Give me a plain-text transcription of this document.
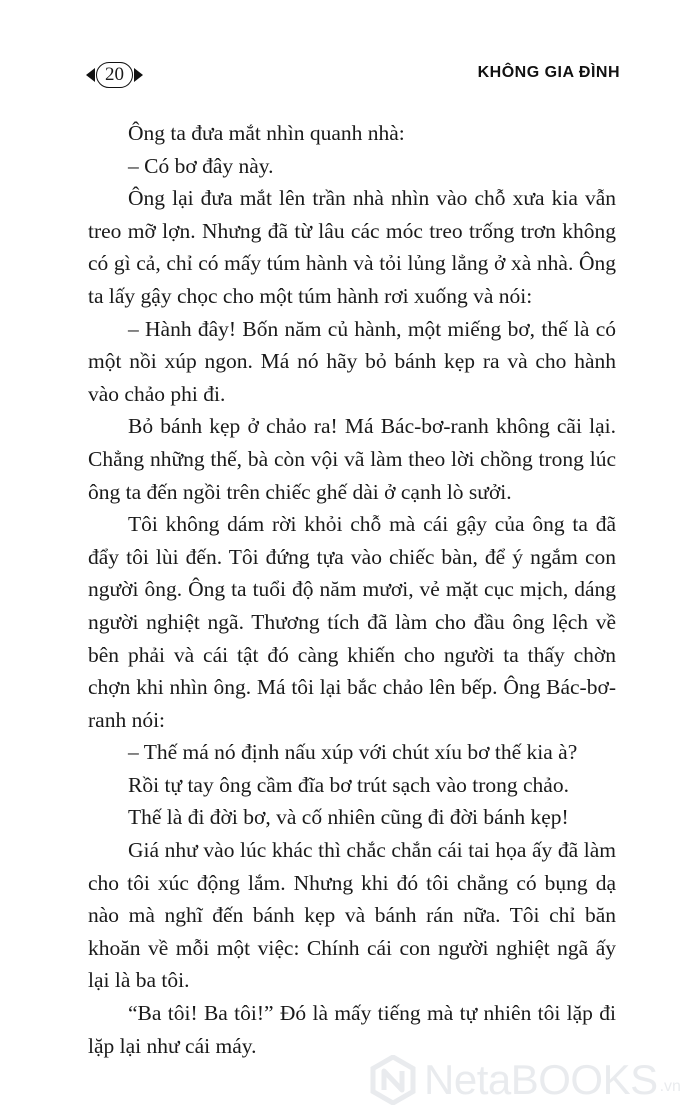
20	KHÔNG GIA ĐÌNH

Ông ta đưa mắt nhìn quanh nhà:

– Có bơ đây này.

Ông lại đưa mắt lên trần nhà nhìn vào chỗ xưa kia vẫn treo mỡ lợn. Nhưng đã từ lâu các móc treo trống trơn không có gì cả, chỉ có mấy túm hành và tỏi lủng lẳng ở xà nhà. Ông ta lấy gậy chọc cho một túm hành rơi xuống và nói:

– Hành đây! Bốn năm củ hành, một miếng bơ, thế là có một nồi xúp ngon. Má nó hãy bỏ bánh kẹp ra và cho hành vào chảo phi đi.

Bỏ bánh kẹp ở chảo ra! Má Bác-bơ-ranh không cãi lại. Chẳng những thế, bà còn vội vã làm theo lời chồng trong lúc ông ta đến ngồi trên chiếc ghế dài ở cạnh lò sưởi.

Tôi không dám rời khỏi chỗ mà cái gậy của ông ta đã đẩy tôi lùi đến. Tôi đứng tựa vào chiếc bàn, để ý ngắm con người ông. Ông ta tuổi độ năm mươi, vẻ mặt cục mịch, dáng người nghiệt ngã. Thương tích đã làm cho đầu ông lệch về bên phải và cái tật đó càng khiến cho người ta thấy chờn chợn khi nhìn ông. Má tôi lại bắc chảo lên bếp. Ông Bác-bơ-ranh nói:

– Thế má nó định nấu xúp với chút xíu bơ thế kia à?

Rồi tự tay ông cầm đĩa bơ trút sạch vào trong chảo.

Thế là đi đời bơ, và cố nhiên cũng đi đời bánh kẹp!

Giá như vào lúc khác thì chắc chắn cái tai họa ấy đã làm cho tôi xúc động lắm. Nhưng khi đó tôi chẳng có bụng dạ nào mà nghĩ đến bánh kẹp và bánh rán nữa. Tôi chỉ băn khoăn về mỗi một việc: Chính cái con người nghiệt ngã ấy lại là ba tôi.

“Ba tôi! Ba tôi!” Đó là mấy tiếng mà tự nhiên tôi lặp đi lặp lại như cái máy.

NetaBOOKS .vn
